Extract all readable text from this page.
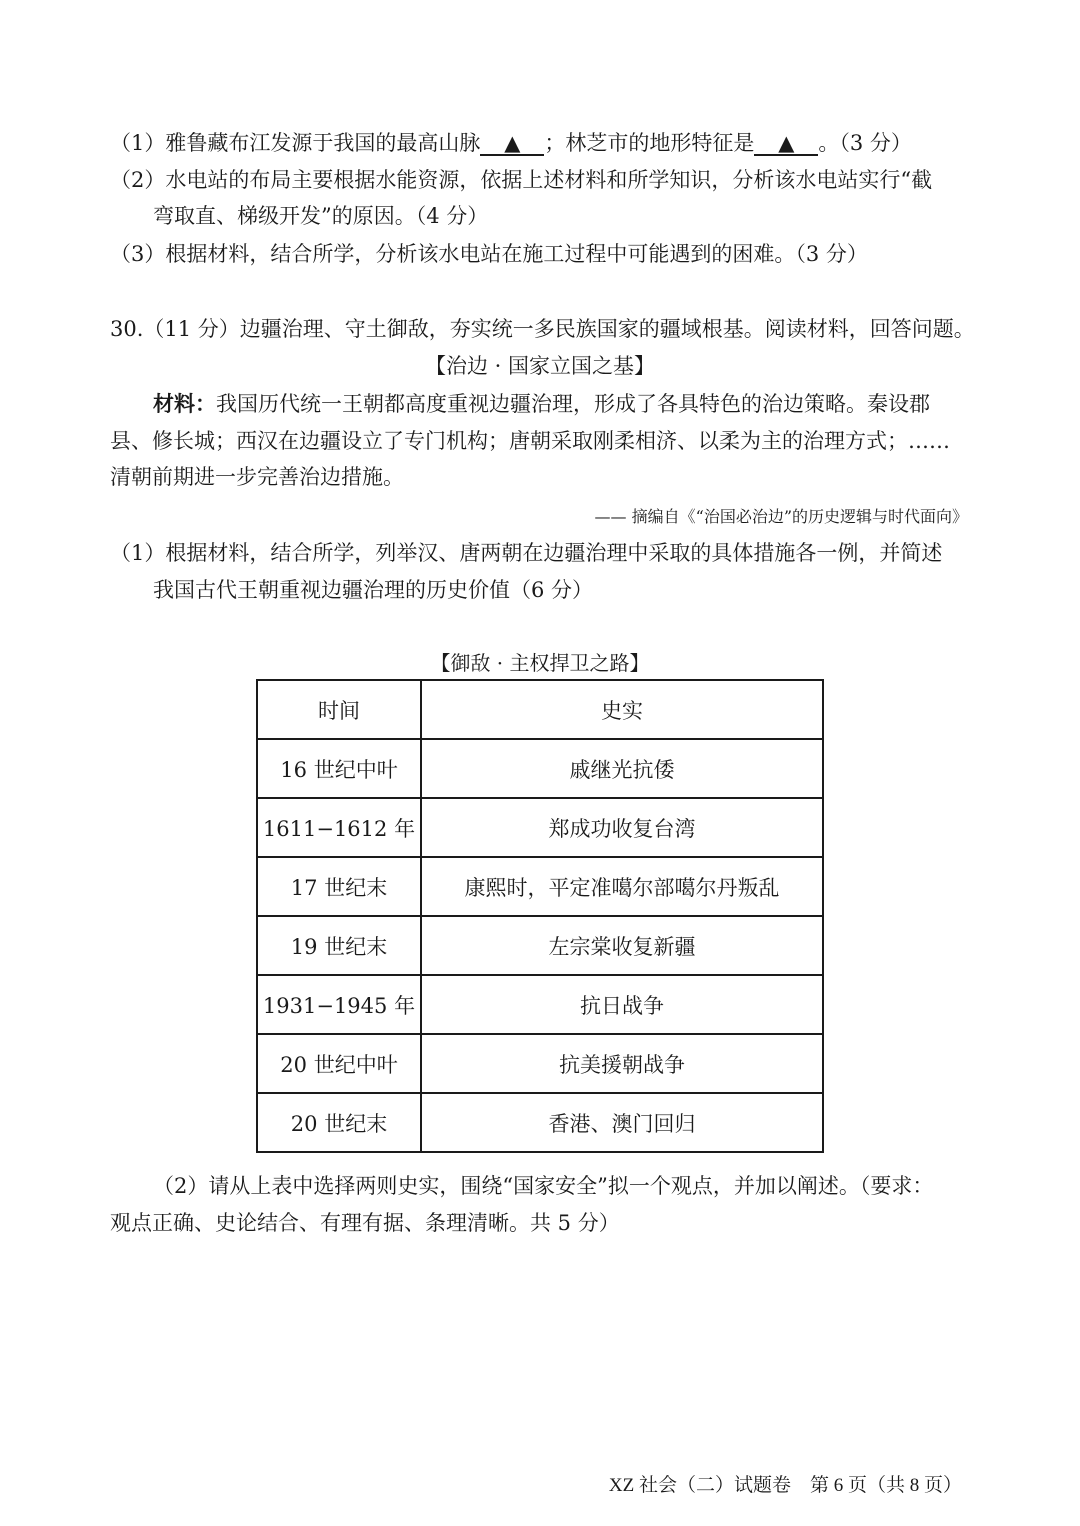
（1）雅鲁藏布江发源于我国的最高山脉 ▲ ；林芝市的地形特征是 ▲ 。（3 分）
（2）水电站的布局主要根据水能资源，依据上述材料和所学知识，分析该水电站实行“截
弯取直、梯级开发”的原因。（4 分）
（3）根据材料，结合所学，分析该水电站在施工过程中可能遇到的困难。（3 分）
30.（11 分）边疆治理、守土御敌，夯实统一多民族国家的疆域根基。阅读材料，回答问题。
【治边 · 国家立国之基】
材料：我国历代统一王朝都高度重视边疆治理，形成了各具特色的治边策略。秦设郡
县、修长城；西汉在边疆设立了专门机构；唐朝采取刚柔相济、以柔为主的治理方式；……
清朝前期进一步完善治边措施。
—— 摘编自《“治国必治边”的历史逻辑与时代面向》
（1）根据材料，结合所学，列举汉、唐两朝在边疆治理中采取的具体措施各一例，并简述
我国古代王朝重视边疆治理的历史价值（6 分）
【御敌 · 主权捍卫之路】
时间	史实
16 世纪中叶	戚继光抗倭
1611−1612 年	郑成功收复台湾
17 世纪末	康熙时，平定准噶尔部噶尔丹叛乱
19 世纪末	左宗棠收复新疆
1931−1945 年	抗日战争
20 世纪中叶	抗美援朝战争
20 世纪末	香港、澳门回归
（2）请从上表中选择两则史实，围绕“国家安全”拟一个观点，并加以阐述。（要求：
观点正确、史论结合、有理有据、条理清晰。共 5 分）
XZ 社会（二）试题卷　第 6 页（共 8 页）
